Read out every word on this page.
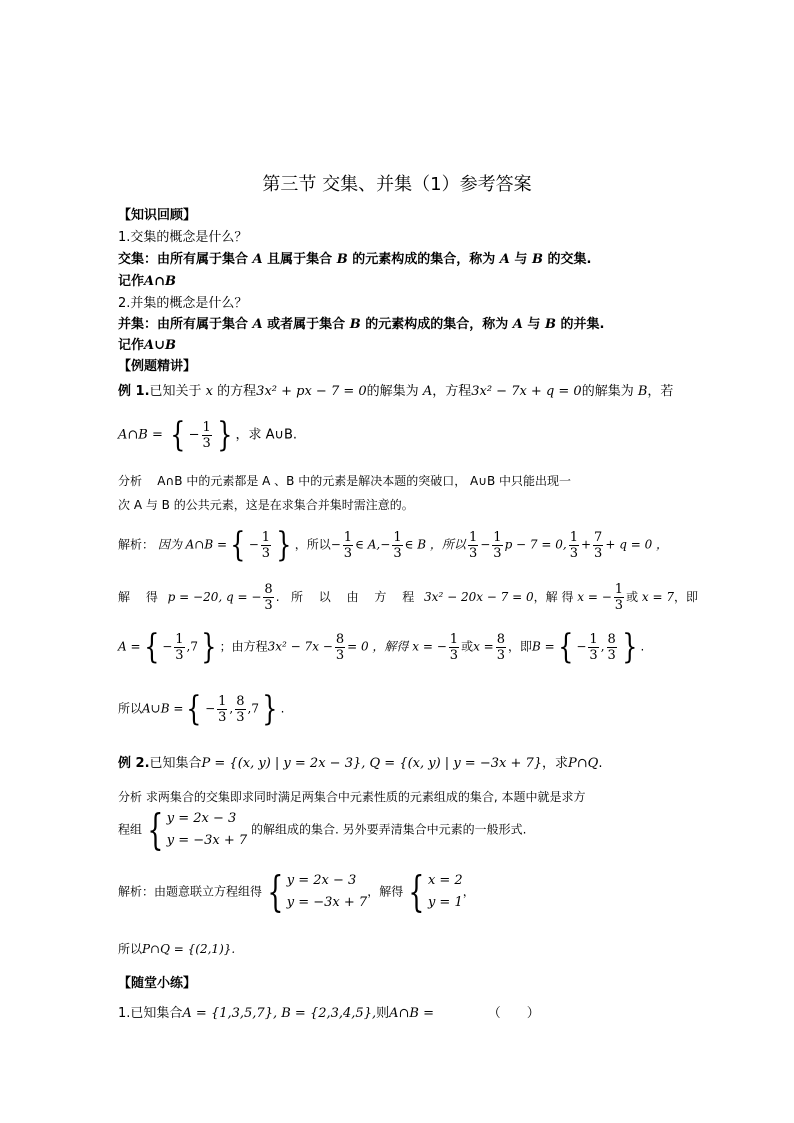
第三节 交集、并集（1）参考答案
【知识回顾】
1.交集的概念是什么？
交集：由所有属于集合 A 且属于集合 B 的元素构成的集合，称为 A 与 B 的交集.
记作A∩B
2.并集的概念是什么？
并集：由所有属于集合 A 或者属于集合 B 的元素构成的集合，称为 A 与 B 的并集.
记作A∪B
【例题精讲】
例 1.已知关于 x 的方程3x² + px − 7 = 0的解集为 A，方程3x² − 7x + q = 0的解集为 B，若
A∩B = { − $\frac{1}{3}$ } ，求 A∪B.
分析 A∩B 中的元素都是 A 、B 中的元素是解决本题的突破口， A∪B 中只能出现一
次 A 与 B 的公共元素，这是在求集合并集时需注意的。
解析： 因为 A∩B ={ − $\frac{1}{3}$ } ，所以− $\frac{1}{3}$ ∈ $A,- \frac{1}{3}$ ∈ B ，所以 $\frac{1}{3} - \frac{1}{3}$ p − 7 = 0, $\frac{1}{3} + \frac{7}{3} + q = 0$ ，
解 得 p = −20, q = − $\frac{8}{3}$ .   所 以 由 方 程 3x² − 20x − 7 = 0，解 得 x = − $\frac{1}{3}$ 或 x = 7，即
A ={ − $\frac{1}{3} ,7$} ；由方程$3x^2 - 7x - \frac{8}{3} = 0$ ，解得 x = − $\frac{1}{3}$ 或$x = \frac{8}{3}$ ，即B ={ − $\frac{1}{3}$ , $\frac{8}{3}$ } .
所以A∪B ={ − $\frac{1}{3}$ , $\frac{8}{3} ,7$} .
例 2.已知集合P = {(x, y) | y = 2x − 3}, Q = {(x, y) | y = −3x + 7}，求P∩Q.
分析 求两集合的交集即求同时满足两集合中元素性质的元素组成的集合, 本题中就是求方
程组 { y = 2x − 3
y = −3x + 7
的解组成的集合. 另外要弄清集合中元素的一般形式.
解析：由题意联立方程组得 { y = 2x − 3
y = −3x + 7
，解得 { x = 2
y = 1
，
所以P∩Q = {(2,1)}.
【随堂小练】
1.已知集合A = {1,3,5,7}, B = {2,3,4,5},则A∩B =	（　　）
